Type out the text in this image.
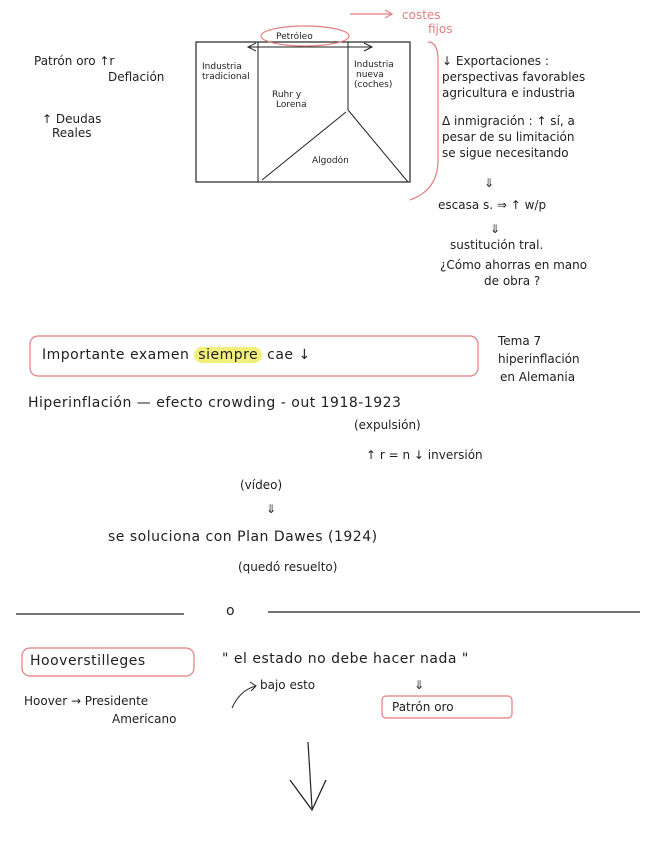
Patrón oro ↑r
Deflación
↑ Deudas
Reales
Petróleo
Industria
tradicional
Ruhr y
Lorena
Industria
nueva
(coches)
Algodón
costes
fijos
↓ Exportaciones :
perspectivas favorables
agricultura e industria
Δ inmigración : ↑ sí, a
pesar de su limitación
se sigue necesitando
⇓
escasa s. ⇒ ↑ w/p
⇓
sustitución tral.
¿Cómo ahorras en mano
de obra ?
Importante examen siempre cae ↓
Tema 7
hiperinflación
en Alemania
Hiperinflación — efecto crowding - out 1918-1923
(expulsión)
↑ r = n ↓ inversión
(vídeo)
⇓
se soluciona con Plan Dawes (1924)
(quedó resuelto)
o
Hooverstilleges	" el estado no debe hacer nada "
Hoover → Presidente
Americano
bajo esto	⇓
Patrón oro
